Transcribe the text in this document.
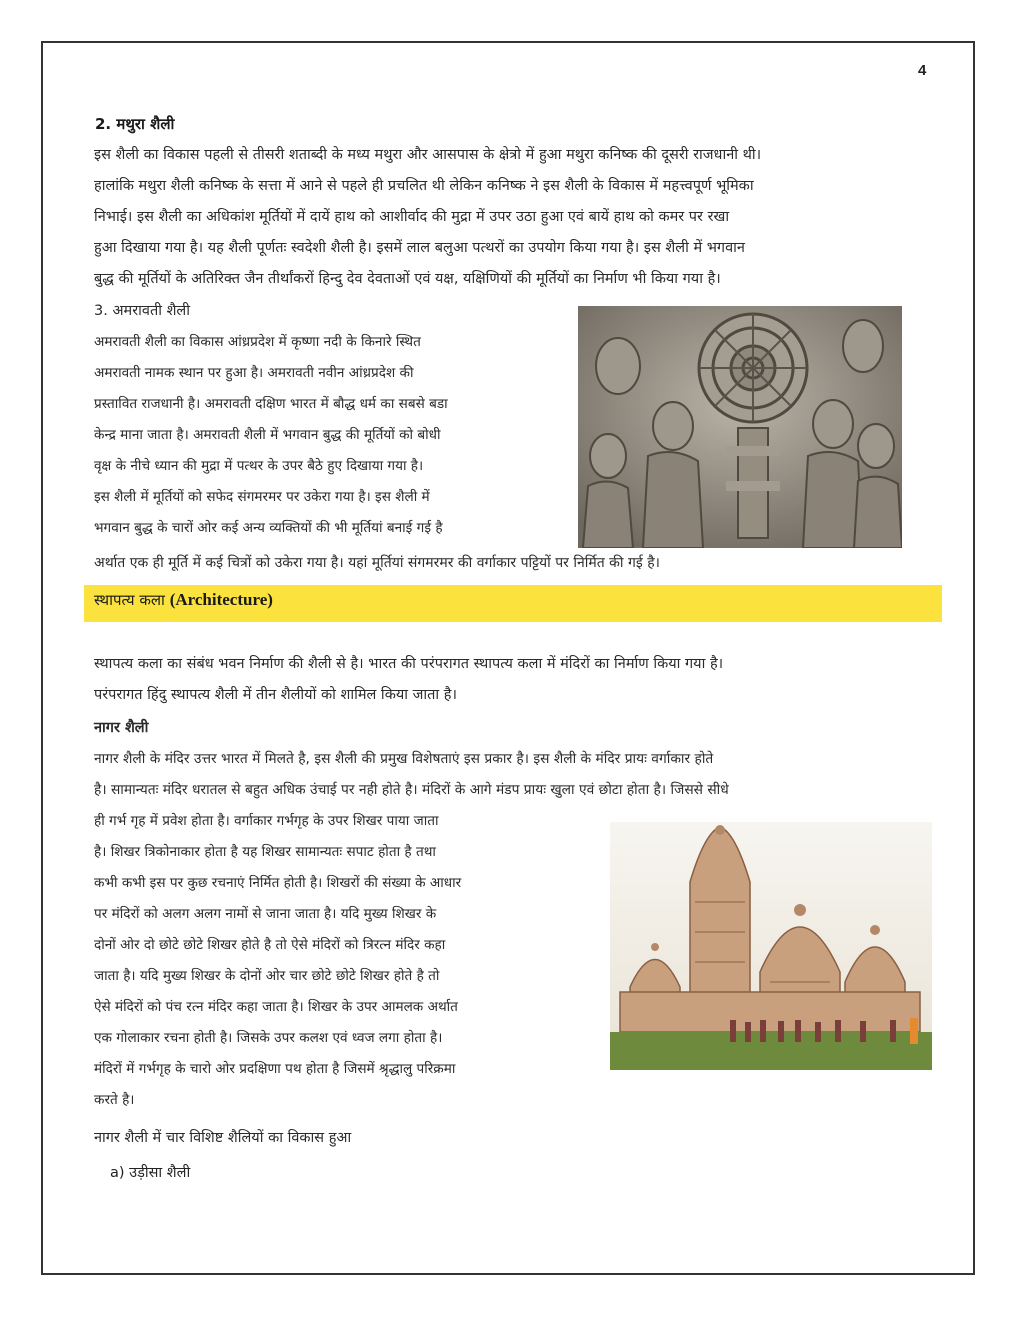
4
2. मथुरा शैली

इस शैली का विकास पहली से तीसरी शताब्दी के मध्य मथुरा और आसपास के क्षेत्रो में हुआ मथुरा कनिष्क की दूसरी राजधानी थी।

हालांकि मथुरा शैली कनिष्क के सत्ता में आने से पहले ही प्रचलित थी लेकिन कनिष्क ने इस शैली के विकास में महत्त्वपूर्ण भूमिका

निभाई। इस शैली का अधिकांश मूर्तियों में दायें हाथ को आशीर्वाद की मुद्रा में उपर उठा हुआ एवं बायें हाथ को कमर पर रखा

हुआ दिखाया गया है। यह शैली पूर्णतः स्वदेशी शैली है। इसमें लाल बलुआ पत्थरों का उपयोग किया गया है। इस शैली में भगवान

बुद्ध की मूर्तियों के अतिरिक्त जैन तीर्थांकरों हिन्दु देव देवताओं एवं यक्ष, यक्षिणियों की मूर्तियों का निर्माण भी किया गया है।

3. अमरावती शैली

अमरावती शैली का विकास आंध्रप्रदेश में कृष्णा नदी के किनारे स्थित

अमरावती नामक स्थान पर हुआ है। अमरावती नवीन आंध्रप्रदेश की

प्रस्तावित राजधानी है। अमरावती दक्षिण भारत में बौद्ध धर्म का सबसे बडा

केन्द्र माना जाता है। अमरावती शैली में भगवान बुद्ध की मूर्तियों को बोधी

वृक्ष के नीचे ध्यान की मुद्रा में पत्थर के उपर बैठे हुए दिखाया गया है।

इस शैली में मूर्तियों को सफेद संगमरमर पर उकेरा गया है। इस शैली में

भगवान बुद्ध के चारों ओर कई अन्य व्यक्तियों की भी मूर्तियां बनाई गई है

अर्थात एक ही मूर्ति में कई चित्रों को उकेरा गया है। यहां मूर्तियां संगमरमर की वर्गाकार पट्टियों पर निर्मित की गई है।
स्थापत्य कला (Architecture)
स्थापत्य कला का संबंध भवन निर्माण की शैली से है। भारत की परंपरागत स्थापत्य कला में मंदिरों का निर्माण किया गया है।
परंपरागत हिंदु स्थापत्य शैली में तीन शैलीयों को शामिल किया जाता है।
नागर शैली

नागर शैली के मंदिर उत्तर भारत में मिलते है, इस शैली की प्रमुख विशेषताएं इस प्रकार है। इस शैली के मंदिर प्रायः वर्गाकार होते

है। सामान्यतः मंदिर धरातल से बहुत अधिक उंचाई पर नही होते है। मंदिरों के आगे मंडप प्रायः खुला एवं छोटा होता है। जिससे सीधे

ही गर्भ गृह में प्रवेश होता है। वर्गाकार गर्भगृह के उपर शिखर पाया जाता

है। शिखर त्रिकोनाकार होता है यह शिखर सामान्यतः सपाट होता है तथा

कभी कभी इस पर कुछ रचनाएं निर्मित होती है। शिखरों की संख्या के आधार

पर मंदिरों को अलग अलग नामों से जाना जाता है। यदि मुख्य शिखर के

दोनों ओर दो छोटे छोटे शिखर होते है तो ऐसे मंदिरों को त्रिरत्न मंदिर कहा

जाता है। यदि मुख्य शिखर के दोनों ओर चार छोटे छोटे शिखर होते है तो

ऐसे मंदिरों को पंच रत्न मंदिर कहा जाता है। शिखर के उपर आमलक अर्थात

एक गोलाकार रचना होती है। जिसके उपर कलश एवं ध्वज लगा होता है।

मंदिरों में गर्भगृह के चारो ओर प्रदक्षिणा पथ होता है जिसमें श्रृद्धालु परिक्रमा

करते है।

नागर शैली में चार विशिष्ट शैलियों का विकास हुआ
a) उड़ीसा शैली
